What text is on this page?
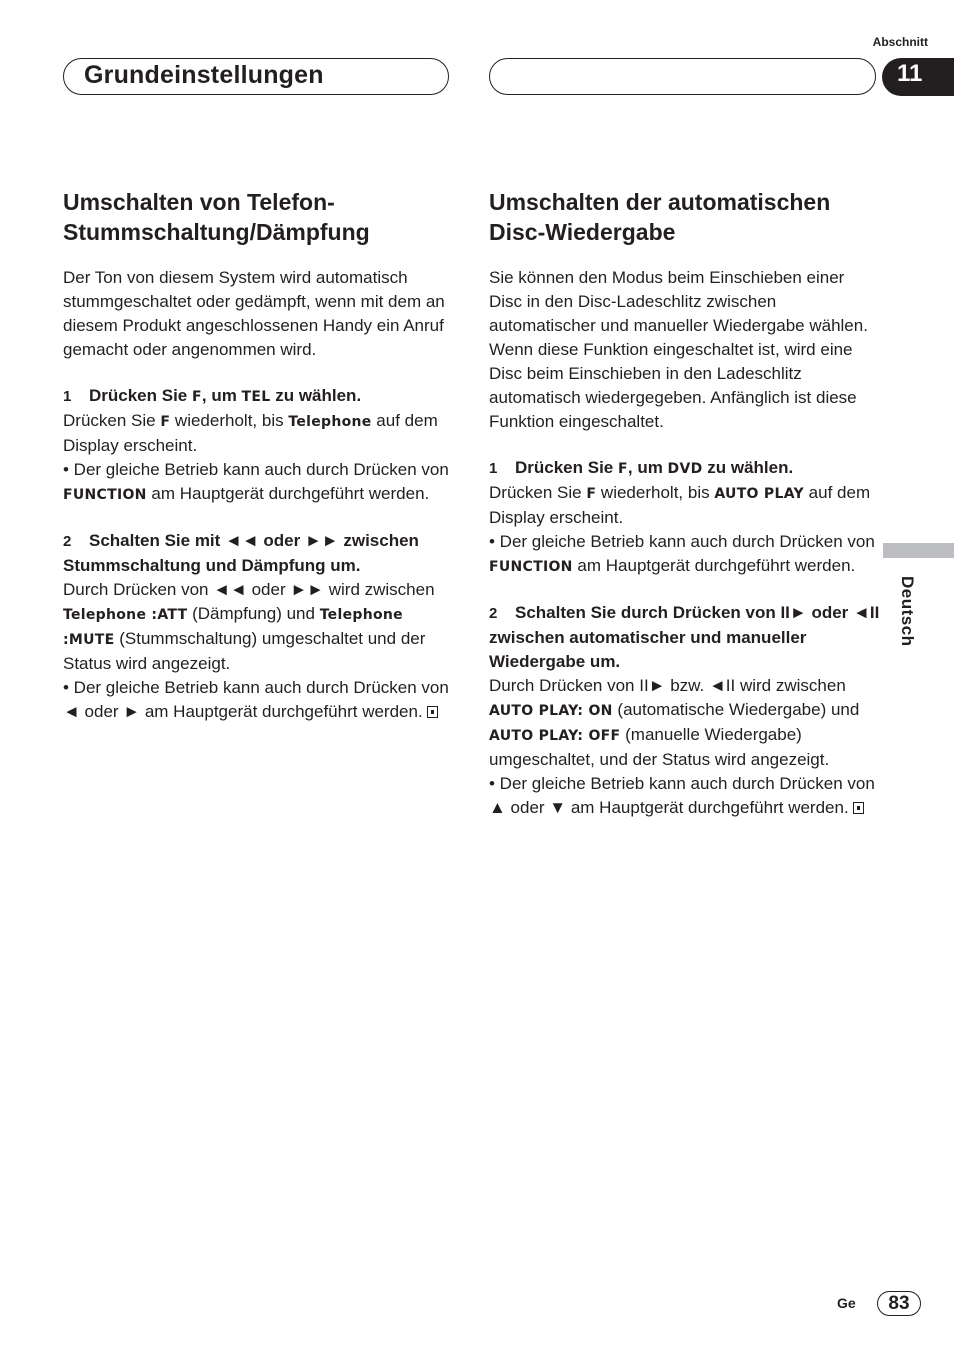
Abschnitt
Grundeinstellungen	11
Deutsch
Umschalten von Telefon-
Stummschaltung/Dämpfung

Der Ton von diesem System wird automatisch stummgeschaltet oder gedämpft, wenn mit dem an diesem Produkt angeschlossenen Handy ein Anruf gemacht oder angenommen wird.

1 Drücken Sie F, um TEL zu wählen.

Drücken Sie F wiederholt, bis Telephone auf dem Display erscheint.

• Der gleiche Betrieb kann auch durch Drücken von FUNCTION am Hauptgerät durchgeführt werden.

2 Schalten Sie mit ◄◄ oder ►► zwischen Stummschaltung und Dämpfung um.

Durch Drücken von ◄◄ oder ►► wird zwischen Telephone :ATT (Dämpfung) und Telephone :MUTE (Stummschaltung) umgeschaltet und der Status wird angezeigt.

• Der gleiche Betrieb kann auch durch Drücken von ◄ oder ► am Hauptgerät durchgeführt werden.

Umschalten der automatischen
Disc-Wiedergabe

Sie können den Modus beim Einschieben einer Disc in den Disc-Ladeschlitz zwischen automatischer und manueller Wiedergabe wählen. Wenn diese Funktion eingeschaltet ist, wird eine Disc beim Einschieben in den Ladeschlitz automatisch wiedergegeben. Anfänglich ist diese Funktion eingeschaltet.

1 Drücken Sie F, um DVD zu wählen.

Drücken Sie F wiederholt, bis AUTO PLAY auf dem Display erscheint.

• Der gleiche Betrieb kann auch durch Drücken von FUNCTION am Hauptgerät durchgeführt werden.

2 Schalten Sie durch Drücken von II► oder ◄II zwischen automatischer und manueller Wiedergabe um.

Durch Drücken von II► bzw. ◄II wird zwischen AUTO PLAY: ON (automatische Wiedergabe) und AUTO PLAY: OFF (manuelle Wiedergabe) umgeschaltet, und der Status wird angezeigt.

• Der gleiche Betrieb kann auch durch Drücken von ▲ oder ▼ am Hauptgerät durchgeführt werden.

Ge	83
